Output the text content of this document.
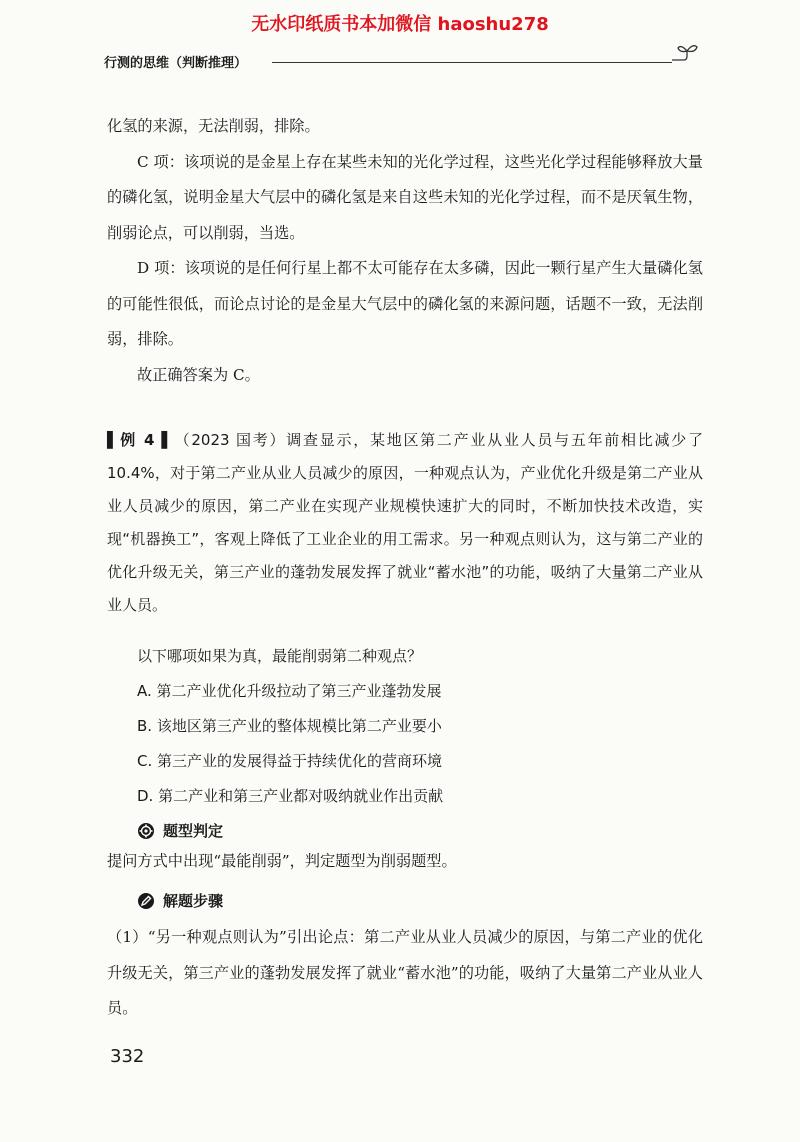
无水印纸质书本加微信 haoshu278
行测的思维（判断推理）
化氢的来源，无法削弱，排除。
C 项：该项说的是金星上存在某些未知的光化学过程，这些光化学过程能够释放大量的磷化氢，说明金星大气层中的磷化氢是来自这些未知的光化学过程，而不是厌氧生物，削弱论点，可以削弱，当选。
D 项：该项说的是任何行星上都不太可能存在太多磷，因此一颗行星产生大量磷化氢的可能性很低，而论点讨论的是金星大气层中的磷化氢的来源问题，话题不一致，无法削弱，排除。
故正确答案为 C。
▌例 4 ▌（2023 国考）调查显示，某地区第二产业从业人员与五年前相比减少了 10.4%，对于第二产业从业人员减少的原因，一种观点认为，产业优化升级是第二产业从业人员减少的原因，第二产业在实现产业规模快速扩大的同时，不断加快技术改造，实现“机器换工”，客观上降低了工业企业的用工需求。另一种观点则认为，这与第二产业的优化升级无关，第三产业的蓬勃发展发挥了就业“蓄水池”的功能，吸纳了大量第二产业从业人员。
以下哪项如果为真，最能削弱第二种观点？
A. 第二产业优化升级拉动了第三产业蓬勃发展
B. 该地区第三产业的整体规模比第二产业要小
C. 第三产业的发展得益于持续优化的营商环境
D. 第二产业和第三产业都对吸纳就业作出贡献
题型判定
提问方式中出现“最能削弱”，判定题型为削弱题型。
解题步骤
（1）“另一种观点则认为”引出论点：第二产业从业人员减少的原因，与第二产业的优化升级无关，第三产业的蓬勃发展发挥了就业“蓄水池”的功能，吸纳了大量第二产业从业人员。
332
